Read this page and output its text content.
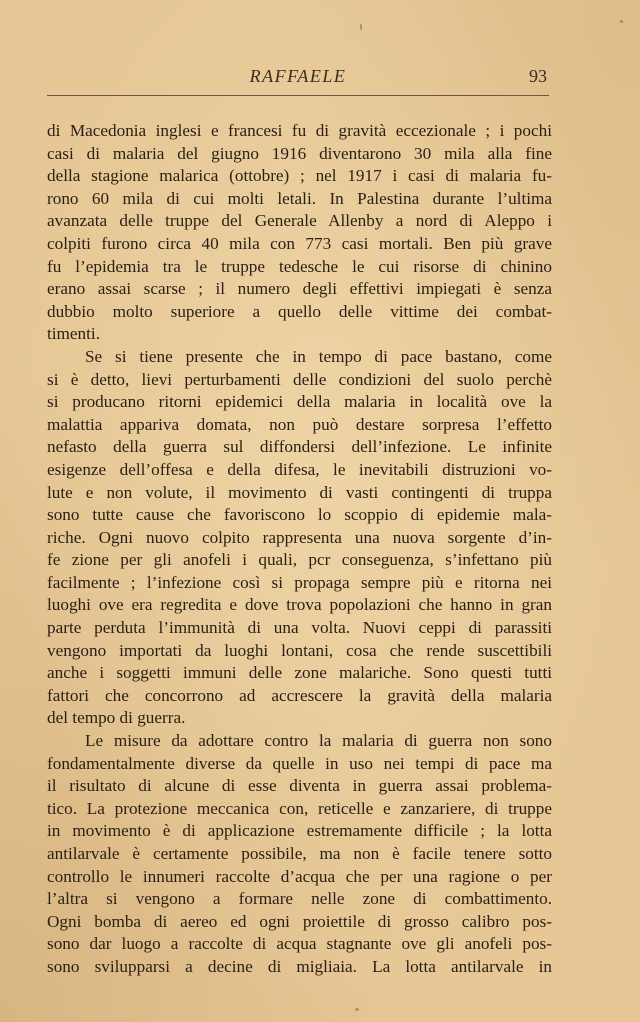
RAFFAELE	93
di Macedonia inglesi e francesi fu di gravità eccezionale ; i pochi
casi di malaria del giugno 1916 diventarono 30 mila alla fine
della stagione malarica (ottobre) ; nel 1917 i casi di malaria fu-
rono 60 mila di cui molti letali. In Palestina durante l’ultima
avanzata delle truppe del Generale Allenby a nord di Aleppo i
colpiti furono circa 40 mila con 773 casi mortali. Ben più grave
fu l’epidemia tra le truppe tedesche le cui risorse di chinino
erano assai scarse ; il numero degli effettivi impiegati è senza
dubbio molto superiore a quello delle vittime dei combat-
timenti.
Se si tiene presente che in tempo di pace bastano, come
si è detto, lievi perturbamenti delle condizioni del suolo perchè
si producano ritorni epidemici della malaria in località ove la
malattia appariva domata, non può destare sorpresa l’effetto
nefasto della guerra sul diffondersi dell’infezione. Le infinite
esigenze dell’offesa e della difesa, le inevitabili distruzioni vo-
lute e non volute, il movimento di vasti contingenti di truppa
sono tutte cause che favoriscono lo scoppio di epidemie mala-
riche. Ogni nuovo colpito rappresenta una nuova sorgente d’in-
fe zione per gli anofeli i quali, pcr conseguenza, s’infettano più
facilmente ; l’infezione così si propaga sempre più e ritorna nei
luoghi ove era regredita e dove trova popolazioni che hanno in gran
parte perduta l’immunità di una volta. Nuovi ceppi di parassiti
vengono importati da luoghi lontani, cosa che rende suscettibili
anche i soggetti immuni delle zone malariche. Sono questi tutti
fattori che concorrono ad accrescere la gravità della malaria
del tempo di guerra.
Le misure da adottare contro la malaria di guerra non sono
fondamentalmente diverse da quelle in uso nei tempi di pace ma
il risultato di alcune di esse diventa in guerra assai problema-
tico. La protezione meccanica con, reticelle e zanzariere, di truppe
in movimento è di applicazione estremamente difficile ; la lotta
antilarvale è certamente possibile, ma non è facile tenere sotto
controllo le innumeri raccolte d’acqua che per una ragione o per
l’altra si vengono a formare nelle zone di combattimento.
Ogni bomba di aereo ed ogni proiettile di grosso calibro pos-
sono dar luogo a raccolte di acqua stagnante ove gli anofeli pos-
sono svilupparsi a decine di migliaia. La lotta antilarvale in
